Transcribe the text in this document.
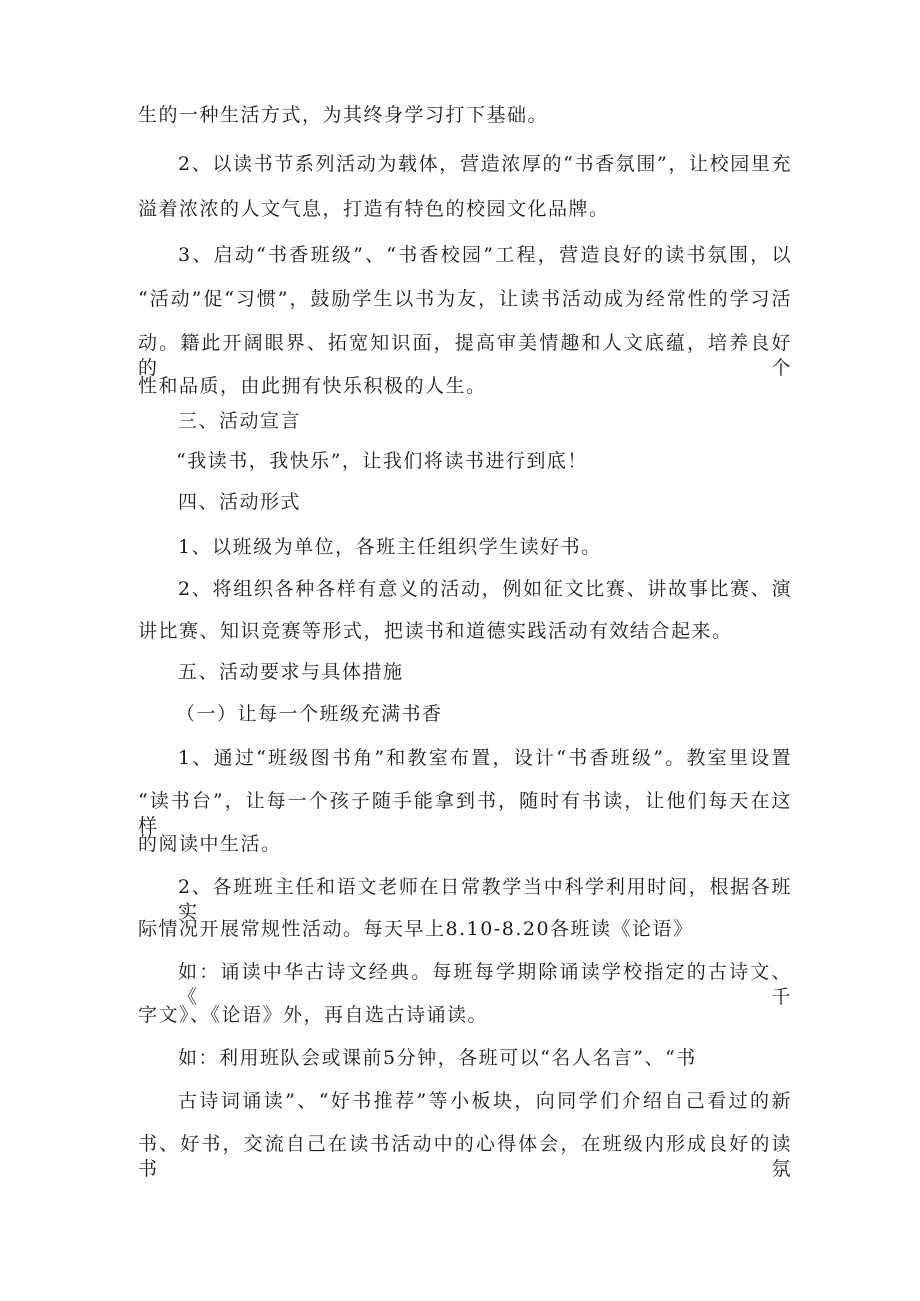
生的一种生活方式，为其终身学习打下基础。
2、以读书节系列活动为载体，营造浓厚的“书香氛围”，让校园里充
溢着浓浓的人文气息，打造有特色的校园文化品牌。
3、启动“书香班级”、“书香校园”工程，营造良好的读书氛围，以
“活动”促“习惯”，鼓励学生以书为友，让读书活动成为经常性的学习活
动。籍此开阔眼界、拓宽知识面，提高审美情趣和人文底蕴，培养良好的个
性和品质，由此拥有快乐积极的人生。
三、活动宣言
“我读书，我快乐”，让我们将读书进行到底！
四、活动形式
1、以班级为单位，各班主任组织学生读好书。
2、将组织各种各样有意义的活动，例如征文比赛、讲故事比赛、演
讲比赛、知识竞赛等形式，把读书和道德实践活动有效结合起来。
五、活动要求与具体措施
（一）让每一个班级充满书香
1、通过“班级图书角”和教室布置，设计“书香班级”。教室里设置
“读书台”，让每一个孩子随手能拿到书，随时有书读，让他们每天在这样
的阅读中生活。
2、各班班主任和语文老师在日常教学当中科学利用时间，根据各班实
际情况开展常规性活动。每天早上8.10-8.20各班读《论语》
如：诵读中华古诗文经典。每班每学期除诵读学校指定的古诗文、《千
字文》、《论语》外，再自选古诗诵读。
如：利用班队会或课前5分钟，各班可以“名人名言”、“书
古诗词诵读”、“好书推荐”等小板块，向同学们介绍自己看过的新
书、好书，交流自己在读书活动中的心得体会，在班级内形成良好的读书氛
